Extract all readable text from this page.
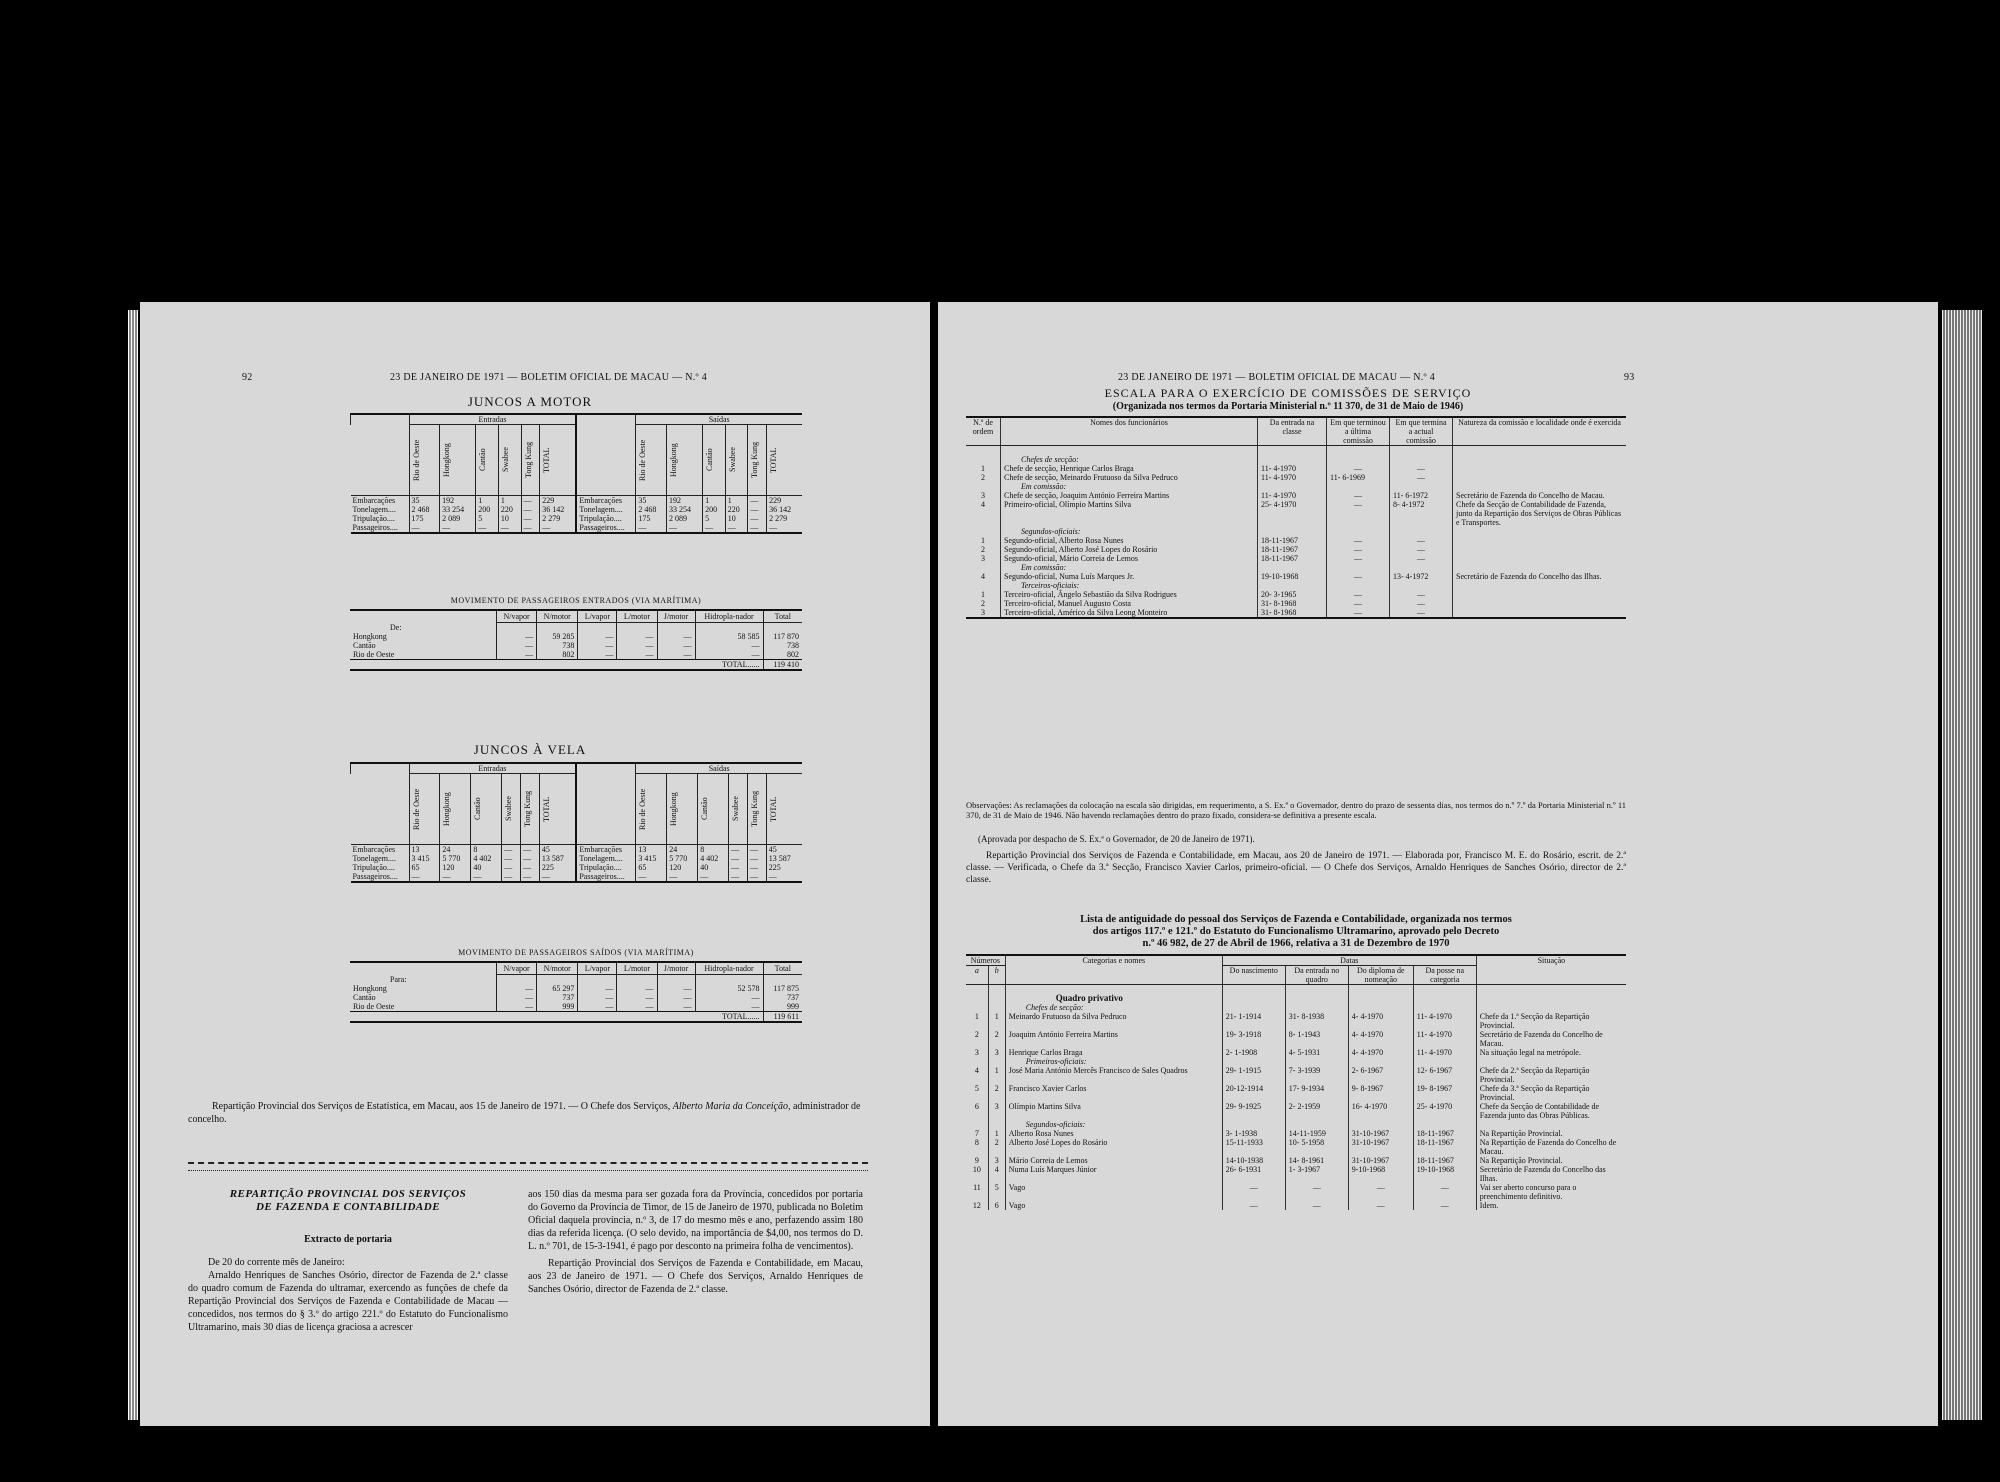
92	23 DE JANEIRO DE 1971 — BOLETIM OFICIAL DE MACAU — N.º 4
JUNCOS A MOTOR
	Entradas							Saídas					

	Rio de Oeste	Hongkong	Cantão	Swabee	Tong Kung	TOTAL		Rio de Oeste	Hongkong	Cantão	Swabee	Tong Kung	TOTAL

Embarcações	35	192	1	1	—	229	Embarcações	35	192	1	1	—	229
Tonelagem....	2 468	33 254	200	220	—	36 142	Tonelagem....	2 468	33 254	200	220	—	36 142
Tripulação....	175	2 089	5	10	—	2 279	Tripulação....	175	2 089	5	10	—	2 279
Passageiros....	—	—	—	—	—	—	Passageiros....	—	—	—	—	—	—
MOVIMENTO DE PASSAGEIROS ENTRADOS (VIA MARÍTIMA)
	N/vapor	N/motor	L/vapor	L/motor	J/motor	Hidropla-nador	Total
De:							
Hongkong	—	59 285	—	—	—	58 585	117 870
Cantão	—	738	—	—	—	—	738
Rio de Oeste	—	802	—	—	—	—	802
TOTAL......							119 410
JUNCOS À VELA
	Entradas							Saídas					

	Rio de Oeste	Hongkong	Cantão	Swabee	Tong Kung	TOTAL		Rio de Oeste	Hongkong	Cantão	Swabee	Tong Kung	TOTAL

Embarcações	13	24	8	—	—	45	Embarcações	13	24	8	—	—	45
Tonelagem....	3 415	5 770	4 402	—	—	13 587	Tonelagem....	3 415	5 770	4 402	—	—	13 587
Tripulação....	65	120	40	—	—	225	Tripulação....	65	120	40	—	—	225
Passageiros....	—	—	—	—	—	—	Passageiros....	—	—	—	—	—	—
MOVIMENTO DE PASSAGEIROS SAÍDOS (VIA MARÍTIMA)
	N/vapor	N/motor	L/vapor	L/motor	J/motor	Hidropla-nador	Total
Para:							
Hongkong	—	65 297	—	—	—	52 578	117 875
Cantão	—	737	—	—	—	—	737
Rio de Oeste	—	999	—	—	—	—	999
TOTAL......							119 611
Repartição Provincial dos Serviços de Estatística, em Macau, aos 15 de Janeiro de 1971. — O Chefe dos Serviços, Alberto Maria da Conceição, administrador de concelho.
REPARTIÇÃO PROVINCIAL DOS SERVIÇOS
DE FAZENDA E CONTABILIDADE
Extracto de portaria
De 20 do corrente mês de Janeiro:
Arnaldo Henriques de Sanches Osório, director de Fazenda de 2.ª classe do quadro comum de Fazenda do ultramar, exercendo as funções de chefe da Repartição Provincial dos Serviços de Fazenda e Contabilidade de Macau — concedidos, nos termos do § 3.º do artigo 221.º do Estatuto do Funcionalismo Ultramarino, mais 30 dias de licença graciosa a acrescer
aos 150 dias da mesma para ser gozada fora da Província, concedidos por portaria do Governo da Província de Timor, de 15 de Janeiro de 1970, publicada no Boletim Oficial daquela província, n.º 3, de 17 do mesmo mês e ano, perfazendo assim 180 dias da referida licença. (O selo devido, na importância de $4,00, nos termos do D. L. n.º 701, de 15-3-1941, é pago por desconto na primeira folha de vencimentos).
Repartição Provincial dos Serviços de Fazenda e Contabilidade, em Macau, aos 23 de Janeiro de 1971. — O Chefe dos Serviços, Arnaldo Henriques de Sanches Osório, director de Fazenda de 2.ª classe.
23 DE JANEIRO DE 1971 — BOLETIM OFICIAL DE MACAU — N.º 4	93
ESCALA PARA O EXERCÍCIO DE COMISSÕES DE SERVIÇO
(Organizada nos termos da Portaria Ministerial n.º 11 370, de 31 de Maio de 1946)
N.º de ordem	Nomes dos funcionários	Da entrada na classe	Em que terminou a última comissão	Em que termina a actual comissão	Natureza da comissão e localidade onde é exercida

	Chefes de secção:				
1	Chefe de secção, Henrique Carlos Braga	11- 4-1970	—	—	
2	Chefe de secção, Meinardo Frutuoso da Silva Pedruco	11- 4-1970	11- 6-1969	—	
	Em comissão:				
3	Chefe de secção, Joaquim António Ferreira Martins	11- 4-1970	—	11- 6-1972	Secretário de Fazenda do Concelho de Macau.
4	Primeiro-oficial, Olímpio Martins Silva	25- 4-1970	—	8- 4-1972	Chefe da Secção de Contabilidade de Fazenda, junto da Repartição dos Serviços de Obras Públicas e Transportes.
	Segundos-oficiais:				
1	Segundo-oficial, Alberto Rosa Nunes	18-11-1967	—	—	
2	Segundo-oficial, Alberto José Lopes do Rosário	18-11-1967	—	—	
3	Segundo-oficial, Mário Correia de Lemos	18-11-1967	—	—	
	Em comissão:				
4	Segundo-oficial, Numa Luís Marques Jr.	19-10-1968	—	13- 4-1972	Secretário de Fazenda do Concelho das Ilhas.
	Terceiros-oficiais:				
1	Terceiro-oficial, Ângelo Sebastião da Silva Rodrigues	20- 3-1965	—	—	
2	Terceiro-oficial, Manuel Augusto Costa	31- 8-1968	—	—	
3	Terceiro-oficial, Américo da Silva Leong Monteiro	31- 8-1968	—	—	
Observações: As reclamações da colocação na escala são dirigidas, em requerimento, a S. Ex.ª o Governador, dentro do prazo de sessenta dias, nos termos do n.º 7.º da Portaria Ministerial n.º 11 370, de 31 de Maio de 1946. Não havendo reclamações dentro do prazo fixado, considera-se definitiva a presente escala.
(Aprovada por despacho de S. Ex.ª o Governador, de 20 de Janeiro de 1971).
Repartição Provincial dos Serviços de Fazenda e Contabilidade, em Macau, aos 20 de Janeiro de 1971. — Elaborada por, Francisco M. E. do Rosário, escrit. de 2.ª classe. — Verificada, o Chefe da 3.ª Secção, Francisco Xavier Carlos, primeiro-oficial. — O Chefe dos Serviços, Arnaldo Henriques de Sanches Osório, director de 2.ª classe.
Lista de antiguidade do pessoal dos Serviços de Fazenda e Contabilidade, organizada nos termos
dos artigos 117.º e 121.º do Estatuto do Funcionalismo Ultramarino, aprovado pelo Decreto
n.º 46 982, de 27 de Abril de 1966, relativa a 31 de Dezembro de 1970
Números		Categorias e nomes	Datas				Situação
			Do nascimento	Da entrada no quadro	Do diploma de nomeação	Da posse na categoria	
a	b						

		Quadro privativo					
		Chefes de secção:					
1	1	Meinardo Frutuoso da Silva Pedruco	21- 1-1914	31- 8-1938	4- 4-1970	11- 4-1970	Chefe da 1.ª Secção da Repartição Provincial.
2	2	Joaquim António Ferreira Martins	19- 3-1918	8- 1-1943	4- 4-1970	11- 4-1970	Secretário de Fazenda do Concelho de Macau.
3	3	Henrique Carlos Braga	2- 1-1908	4- 5-1931	4- 4-1970	11- 4-1970	Na situação legal na metrópole.
		Primeiros-oficiais:					
4	1	José Maria António Mercês Francisco de Sales Quadros	29- 1-1915	7- 3-1939	2- 6-1967	12- 6-1967	Chefe da 2.ª Secção da Repartição Provincial.
5	2	Francisco Xavier Carlos	20-12-1914	17- 9-1934	9- 8-1967	19- 8-1967	Chefe da 3.ª Secção da Repartição Provincial.
6	3	Olímpio Martins Silva	29- 9-1925	2- 2-1959	16- 4-1970	25- 4-1970	Chefe da Secção de Contabilidade de Fazenda junto das Obras Públicas.
		Segundos-oficiais:					
7	1	Alberto Rosa Nunes	3- 1-1938	14-11-1959	31-10-1967	18-11-1967	Na Repartição Provincial.
8	2	Alberto José Lopes do Rosário	15-11-1933	10- 5-1958	31-10-1967	18-11-1967	Na Repartição de Fazenda do Concelho de Macau.
9	3	Mário Correia de Lemos	14-10-1938	14- 8-1961	31-10-1967	18-11-1967	Na Repartição Provincial.
10	4	Numa Luís Marques Júnior	26- 6-1931	1- 3-1967	9-10-1968	19-10-1968	Secretário de Fazenda do Concelho das Ilhas.
11	5	Vago	—	—	—	—	Vai ser aberto concurso para o preenchimento definitivo.
12	6	Vago	—	—	—	—	Idem.
